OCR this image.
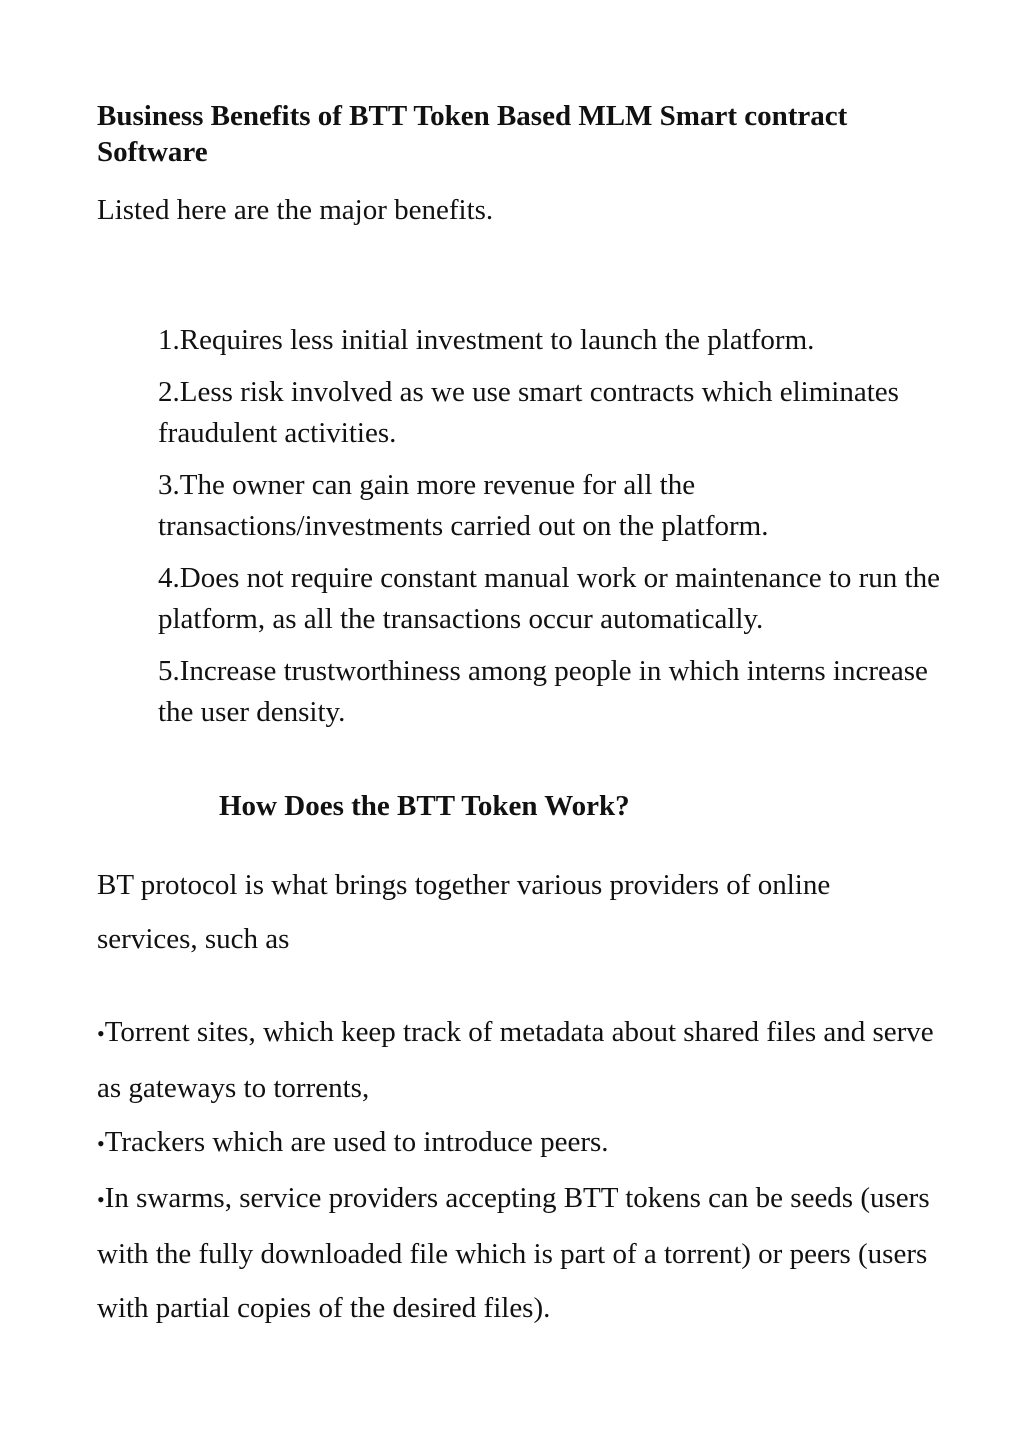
Business Benefits of BTT Token Based MLM Smart contract Software

Listed here are the major benefits.

1.Requires less initial investment to launch the platform.
2.Less risk involved as we use smart contracts which eliminates fraudulent activities.
3.The owner can gain more revenue for all the transactions/investments carried out on the platform.
4.Does not require constant manual work or maintenance to run the platform, as all the transactions occur automatically.
5.Increase trustworthiness among people in which interns increase the user density.
How Does the BTT Token Work?

BT protocol is what brings together various providers of online services, such as

•Torrent sites, which keep track of metadata about shared files and serve as gateways to torrents,
•Trackers which are used to introduce peers.
•In swarms, service providers accepting BTT tokens can be seeds (users with the fully downloaded file which is part of a torrent) or peers (users with partial copies of the desired files).
